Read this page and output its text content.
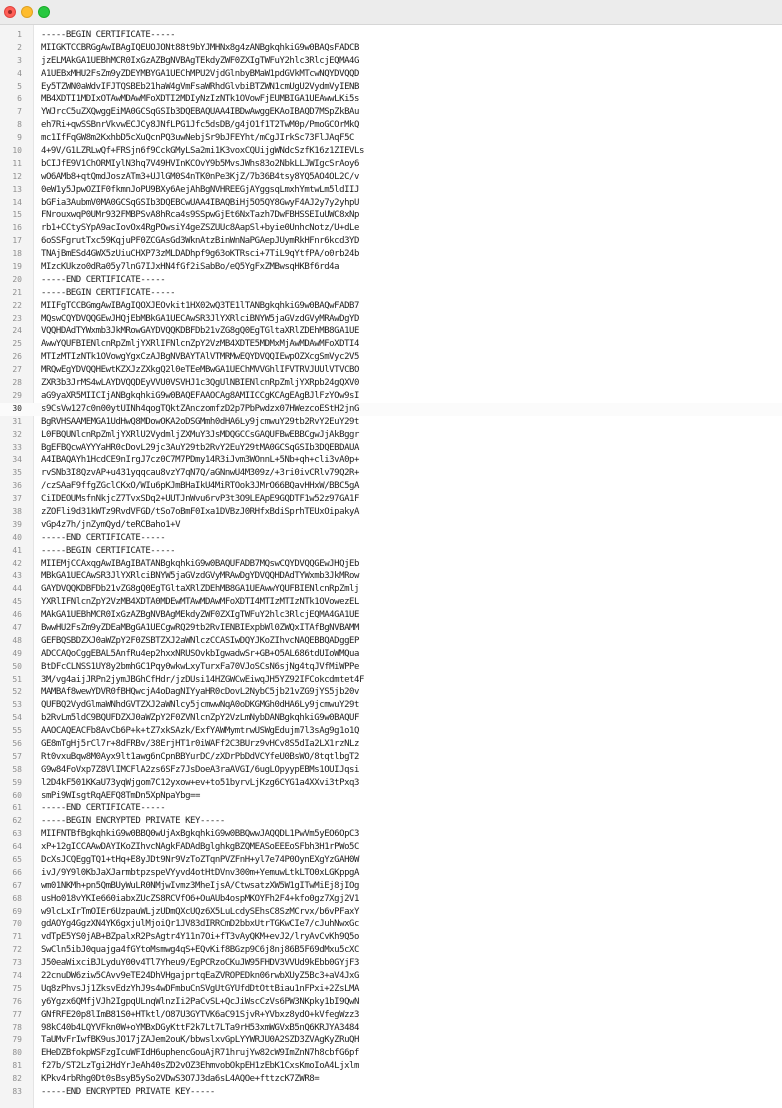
1 -----BEGIN CERTIFICATE-----
2 MIIGKTCCBRGgAwIBAgIQEUOJONt88t9bYJMHNx8g4zANBgkqhkiG9w0BAQsFADCB
3 jzELMAkGA1UEBhMCR0IxGzAZBgNVBAgTEkdyZWF0ZXIgTWFuY2hlc3RlcjEQMA4G
4 A1UEBxMHU2FsZm9yZDEYMBYGA1UEChMPU2VjdGlnbyBMaW1pdGVkMTcwNQYDVQQD
5 Ey5TZWN0aWdvIFJTQSBEb21haW4gVmFsaWRhdGlvbiBTZWN1cmUgU2VydmVyIENB
6 MB4XDTI1MDIxOTAwMDAwMFoXDTI2MDIyNzIzNTk1OVowFjEUMBIGA1UEAwwLKi5s
7 YWJrcC5uZXQwggEiMA0GCSqGSIb3DQEBAQUAA4IBDwAwggEKAoIBAQD7MSpZkBAu
8 eh7Ri+qwSSBnrVkvwECJCy8JNfLPG1Jfc5dsDB/g4jO1f1T2TwM0p/PmoGCOrMkQ
9 mc1IfFqGW8m2KxhbD5cXuQcnPQ3uwNebjSr9bJFEYht/mCgJIrkSc73FlJAqF5C
10 4+9V/G1LZRLwQf+FRSjn6f9CckGMyLSa2mi1K3voxCQUijgWNdcSzfK16z1ZIEVLs
11 bCIJfE9V1ChORMIylN3hq7V49HVInKCOvY9b5MvsJWhs83o2NbkLLJWIgcSrAoy6
12 wO6AMb8+qtQmdJoszATm3+UJlGM0S4nTK0nPe3KjZ/7b36B4tsy8YQ5AO4OL2C/v
13 0eW1y5JpwOZIF0fkmnJoPU9BXy6AejAhBgNVHREEGjAYggsqLmxhYmtwLm5ldIIJ
14 bGFia3AubmV0MA0GCSqGSIb3DQEBCwUAA4IBAQBiHj5O5QY8GwyF4AJ2y7y2yhpU
15 FNrouxwqP0UMr932FMBPSvA8hRca4s9SSpwGjEt6NxTazh7DwFBHSSEIuUWC8xNp
16 rb1+CCtySYpA9acIovOx4RgPOwsiY4geZSZUUc8AapSl+byie0UnhcNotz/U+dLe
17 6oSSFgrutTxc59KqjuPF0ZCGAsGd3WknAtzBinWnNaPGAepJUymRkHFnr6kcd3YD
18 TNAjBmESd4GWX5zUiuCHXP73zMLDADhpf9g63oKTRsci+7TiL9qYtfPA/o0rb24b
19 MIzcKUkzo0dRa05y7lnG7IJxHN4fGf2iSabBo/eQ5YgFxZMBwsqHKBf6rd4a
20 -----END CERTIFICATE-----
21 -----BEGIN CERTIFICATE-----
22 MIIFgTCCBGmgAwIBAgIQOXJEOvkit1HX02wQ3TE1lTANBgkqhkiG9w0BAQwFADB7
23 MQswCQYDVQQGEwJHQjEbMBkGA1UECAwSR3JlYXRlciBNYW5jaGVzdGVyMRAwDgYD
24 VQQHDAdTYWxmb3JkMRowGAYDVQQKDBFDb21vZG8gQ0EgTGltaXRlZDEhMB8GA1UE
25 AwwYQUFBIENlcnRpZmljYXRlIFNlcnZpY2VzMB4XDTE5MDMxMjAwMDAwMFoXDTI4
26 MTIzMTIzNTk1OVowgYgxCzAJBgNVBAYTAlVTMRMwEQYDVQQIEwpOZXcgSmVyc2V5
27 MRQwEgYDVQQHEwtKZXJzZXkgQ2l0eTEeMBwGA1UEChMVVGhlIFVTRVJUUlVTVCBO
28 ZXR3b3JrMS4wLAYDVQQDEyVVU0VSVHJ1c3QgUlNBIENlcnRpZmljYXRpb24gQXV0
29 aG9yaXR5MIICIjANBgkqhkiG9w0BAQEFAAOCAg8AMIICCgKCAgEAgBJlFzYOw9sI
30 s9CsVw127c0n00ytUINh4qogTQktZAnczomfzD2p7PbPwdzx07HWezcoEStH2jnG
31 BgRVHSAAMEMGA1UdHwQ8MDowOKA2oDSGMmh0dHA6Ly9jcmwuY29tb2RvY2EuY29t
32 L0FBQUNlcnRpZmljYXRlU2VydmljZXMuY3JsMDQGCCsGAQUFBwEBBCgwJjAkBggr
33 BgEFBQcwAYYYaHR0cDovL29jc3AuY29tb2RvY2EuY29tMA0GCSqGSIb3DQEBDAUA
34 A4IBAQAYh1HcdCE9nIrgJ7cz0C7M7PDmy14R3iJvm3WOnnL+5Nb+qh+cli3vA0p+
35 rvSNb3I8QzvAP+u431yqqcau8vzY7qN7Q/aGNnwU4M309z/+3ri0ivCRlv79Q2R+
36 /czSAaF9ffgZGclCKxO/WIu6pKJmBHaIkU4MiRTOok3JMrO66BQavHHxW/BBC5gA
37 CiIDEOUMsfnNkjcZ7TvxSDq2+UUTJnWvu6rvP3t3O9LEApE9GQDTF1w52z97GA1F
38 zZOFli9d31kWTz9RvdVFGD/tSo7oBmF0Ixa1DVBzJ0RHfxBdiSprhTEUxOipakyA
39 vGp4z7h/jnZymQyd/teRCBaho1+V
40 -----END CERTIFICATE-----
41 -----BEGIN CERTIFICATE-----
42 MIIEMjCCAxqgAwIBAgIBATANBgkqhkiG9w0BAQUFADB7MQswCQYDVQQGEwJHQjEb
43 MBkGA1UECAwSR3JlYXRlciBNYW5jaGVzdGVyMRAwDgYDVQQHDAdTYWxmb3JkMRow
44 GAYDVQQKDBFDb21vZG8gQ0EgTGltaXRlZDEhMB8GA1UEAwwYQUFBIENlcnRpZmlj
45 YXRlIFNlcnZpY2VzMB4XDTA0MDEwMTAwMDAwMFoXDTI4MTIzMTIzNTk1OVowezEL
46 MAkGA1UEBhMCR0IxGzAZBgNVBAgMEkdyZWF0ZXIgTWFuY2hlc3RlcjEQMA4GA1UE
47 BwwHU2FsZm9yZDEaMBgGA1UECgwRQ29tb2RvIENBIExpbWl0ZWQxITAfBgNVBAMM
48 GEFBQSBDZXJ0aWZpY2F0ZSBTZXJ2aWNlczCCASIwDQYJKoZIhvcNAQEBBQADggEP
49 ADCCAQoCggEBAL5AnfRu4ep2hxxNRUSOvkbIgwadwSr+GB+O5AL686tdUIoWMQua
50 BtDFcCLNSS1UY8y2bmhGC1Pqy0wkwLxyTurxFa70VJoSCsN6sjNg4tqJVfMiWPPe
51 3M/vg4aijJRPn2jymJBGhCfHdr/jzDUsi14HZGWCwEiwqJH5YZ92IFCokcdmtet4F
52 MAMBAf8wewYDVR0fBHQwcjA4oDagNIYyaHR0cDovL2NybC5jb21vZG9jYS5jb20v
53 QUFBQ2VydGlmaWNhdGVTZXJ2aWNlcy5jcmwwNqA0oDKGMGh0dHA6Ly9jcmwuY29t
54 b2RvLm5ldC9BQUFDZXJ0aWZpY2F0ZVNlcnZpY2VzLmNybDANBgkqhkiG9w0BAQUF
55 AAOCAQEACFb8AvCb6P+k+tZ7xkSAzk/ExfYAWMymtrwUSWgEdujm7l3sAg9g1o1Q
56 GE8mTgHj5rCl7r+8dFRBv/38ErjHT1r0iWAFf2C3BUrz9vHCv8S5dIa2LX1rzNLz
57 Rt0vxuBqw8M0Ayx9lt1awg6nCpnBBYurDC/zXDrPbDdVCYfeU0BsWO/8tqtlbgT2
58 G9w84FoVxp7Z8VlIMCFlA2zs6SFz7JsDoeA3raAVGI/6ugLOpyypEBMs1OUIJqsi
59 l2D4kF501KKaU73yqWjgom7C12yxow+ev+to51byrvLjKzg6CYG1a4XXvi3tPxq3
60 smPi9WIsgtRqAEFQ8TmDn5XpNpaYbg==
61 -----END CERTIFICATE-----
62 -----BEGIN ENCRYPTED PRIVATE KEY-----
63 MIIFNTBfBgkqhkiG9w0BBQ0wUjAxBgkqhkiG9w0BBQwwJAQQDL1PwVm5yEO6OpC3
64 xP+12gICCAAwDAYIKoZIhvcNAgkFADAdBglghkgBZQMEASoEEEoSFbh3H1rPWo5C
65 DcXsJCQEggTQ1+tHq+E8yJDt9Nr9VzToZTqnPVZFnH+yl7e74P0OynEXgYzGAH0W
66 ivJ/9Y9l0KbJaXJarmbtpzspeVYyvd4otHtDVnv300m+YemuwLtkLTO0xLGKppgA
67 wm01NKMh+pn5QmBUyWuLR0NMjwIvmz3MheIjsA/CtwsatzXW5W1gITwMiEj8jIOg
68 usHo018vYKIe660iabxZUcZS8RCVfO6+OuAUb4ospMKOYFh2F4+kfo0gz7Xgj2V1
69 w9lcLxIrTmOIEr6UzpauWLjzUDmQXcUQz6X5LuLcdySEhsC8SzMCrvx/b6vPFaxY
70 gdAOYg4GgzXN4YK6gxjulMjoiQr1JV83dIRRCmD2bbxUtrTGKwCIe7/cJuhNwxGc
71 vdTpE5YS0jAB+BZpalxR2PsAgtr4Y11n7Oi+fT3vAyQKM+evJ2/lryAvCvKh9Q5o
72 SwCln5ibJ0quajga4fGYtoMsmwg4qS+EQvKif8BGzp9C6j8nj86B5F69dMxu5cXC
73 J50eaWixciBJLyduY00v4Tl7Yheu9/EgPCRzoCKuJW95FHDV3VVUd9kEbb0GYjF3
74 22cnuDW6ziw5CAvv9eTE24DhVHgajprtqEaZVROPEDkn06rwbXUyZ5Bc3+aV4JxG
75 Uq8zPhvsJj1ZksvEdzYhJ9s4wDFmbuCnSVgUtGYUfdDtOttBiau1nFPxi+2ZsLMA
76 y6Ygzx6QMfjVJh2IgpqULnqWlnzIi2PaCvSL+QcJiWscCzVs6PW3NKpky1bI9QwN
77 GNfRFE20p8lImB81S0+HTktl/O87U3GYTVK6aC91SjvR+YVbxz8ydO+kVfegWzz3
78 98kC40b4LQYVFkn0W+oYMBxDGyKttF2k7Lt7LTa9rH53xmWGVxB5nQ6KRJYA3484
79 TaUMvFrIwfBK9usJO17jZAJem2ouK/bbwslxvGpLYYWRJU0A2SZD3ZVAgKyZRuQH
80 EHeDZBfokpWSFzgIcuWFIdH6uphencGouAjR71hrujYw82cW9ImZnN7h8cbfG6pf
81 f27b/ST2LzTgi2HdYrJeAh40sZD2vOZ3EhmvobOkpEH1zEbK1CxsKmoIoA4Ljxlm
82 KPkv4rbRhg0Dt0sBsyB5ySo2VDwS3O7J3da6sL4AQOe+fttzcK7ZWR8=
83 -----END ENCRYPTED PRIVATE KEY-----
